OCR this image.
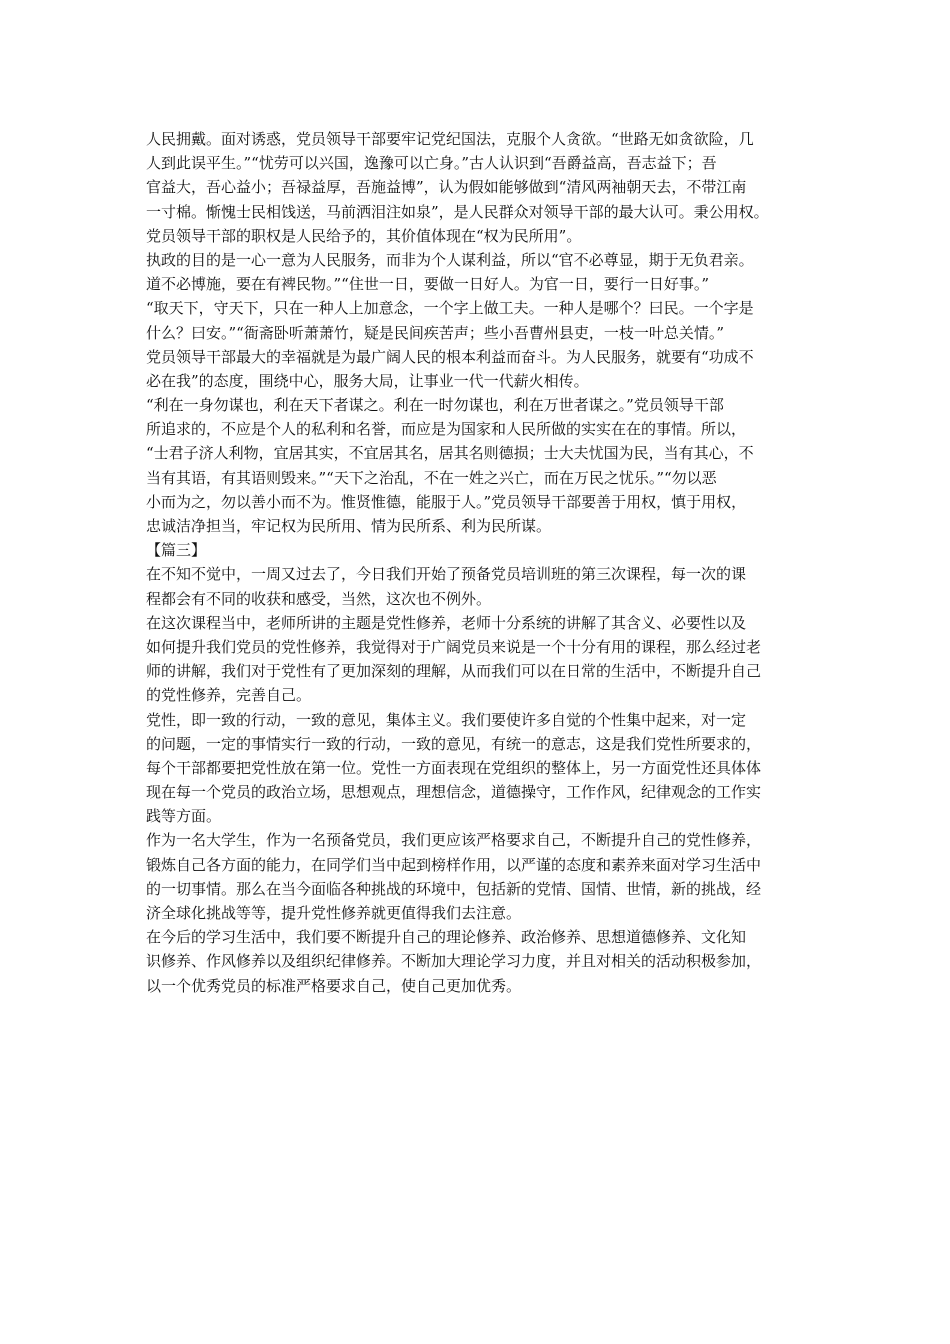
人民拥戴。面对诱惑，党员领导干部要牢记党纪国法，克服个人贪欲。“世路无如贪欲险，几
人到此误平生。”“忧劳可以兴国，逸豫可以亡身。”古人认识到“吾爵益高，吾志益下；吾
官益大，吾心益小；吾禄益厚，吾施益博”，认为假如能够做到“清风两袖朝天去，不带江南
一寸棉。惭愧士民相饯送，马前洒泪注如泉”，是人民群众对领导干部的最大认可。秉公用权。
党员领导干部的职权是人民给予的，其价值体现在“权为民所用”。
执政的目的是一心一意为人民服务，而非为个人谋利益，所以“官不必尊显，期于无负君亲。
道不必博施，要在有裨民物。”“住世一日，要做一日好人。为官一日，要行一日好事。”
“取天下，守天下，只在一种人上加意念，一个字上做工夫。一种人是哪个？曰民。一个字是
什么？曰安。”“衙斋卧听萧萧竹，疑是民间疾苦声；些小吾曹州县吏，一枝一叶总关情。”
党员领导干部最大的幸福就是为最广阔人民的根本利益而奋斗。为人民服务，就要有“功成不
必在我”的态度，围绕中心，服务大局，让事业一代一代薪火相传。
“利在一身勿谋也，利在天下者谋之。利在一时勿谋也，利在万世者谋之。”党员领导干部
所追求的，不应是个人的私利和名誉，而应是为国家和人民所做的实实在在的事情。所以，
“士君子济人利物，宜居其实，不宜居其名，居其名则德损；士大夫忧国为民，当有其心，不
当有其语，有其语则毁来。”“天下之治乱，不在一姓之兴亡，而在万民之忧乐。”“勿以恶
小而为之，勿以善小而不为。惟贤惟德，能服于人。”党员领导干部要善于用权，慎于用权，
忠诚洁净担当，牢记权为民所用、情为民所系、利为民所谋。
【篇三】
在不知不觉中，一周又过去了，今日我们开始了预备党员培训班的第三次课程，每一次的课
程都会有不同的收获和感受，当然，这次也不例外。
在这次课程当中，老师所讲的主题是党性修养，老师十分系统的讲解了其含义、必要性以及
如何提升我们党员的党性修养，我觉得对于广阔党员来说是一个十分有用的课程，那么经过老
师的讲解，我们对于党性有了更加深刻的理解，从而我们可以在日常的生活中，不断提升自己
的党性修养，完善自己。
党性，即一致的行动，一致的意见，集体主义。我们要使许多自觉的个性集中起来，对一定
的问题，一定的事情实行一致的行动，一致的意见，有统一的意志，这是我们党性所要求的，
每个干部都要把党性放在第一位。党性一方面表现在党组织的整体上，另一方面党性还具体体
现在每一个党员的政治立场，思想观点，理想信念，道德操守，工作作风，纪律观念的工作实
践等方面。
作为一名大学生，作为一名预备党员，我们更应该严格要求自己，不断提升自己的党性修养，
锻炼自己各方面的能力，在同学们当中起到榜样作用，以严谨的态度和素养来面对学习生活中
的一切事情。那么在当今面临各种挑战的环境中，包括新的党情、国情、世情，新的挑战，经
济全球化挑战等等，提升党性修养就更值得我们去注意。
在今后的学习生活中，我们要不断提升自己的理论修养、政治修养、思想道德修养、文化知
识修养、作风修养以及组织纪律修养。不断加大理论学习力度，并且对相关的活动积极参加，
以一个优秀党员的标准严格要求自己，使自己更加优秀。
